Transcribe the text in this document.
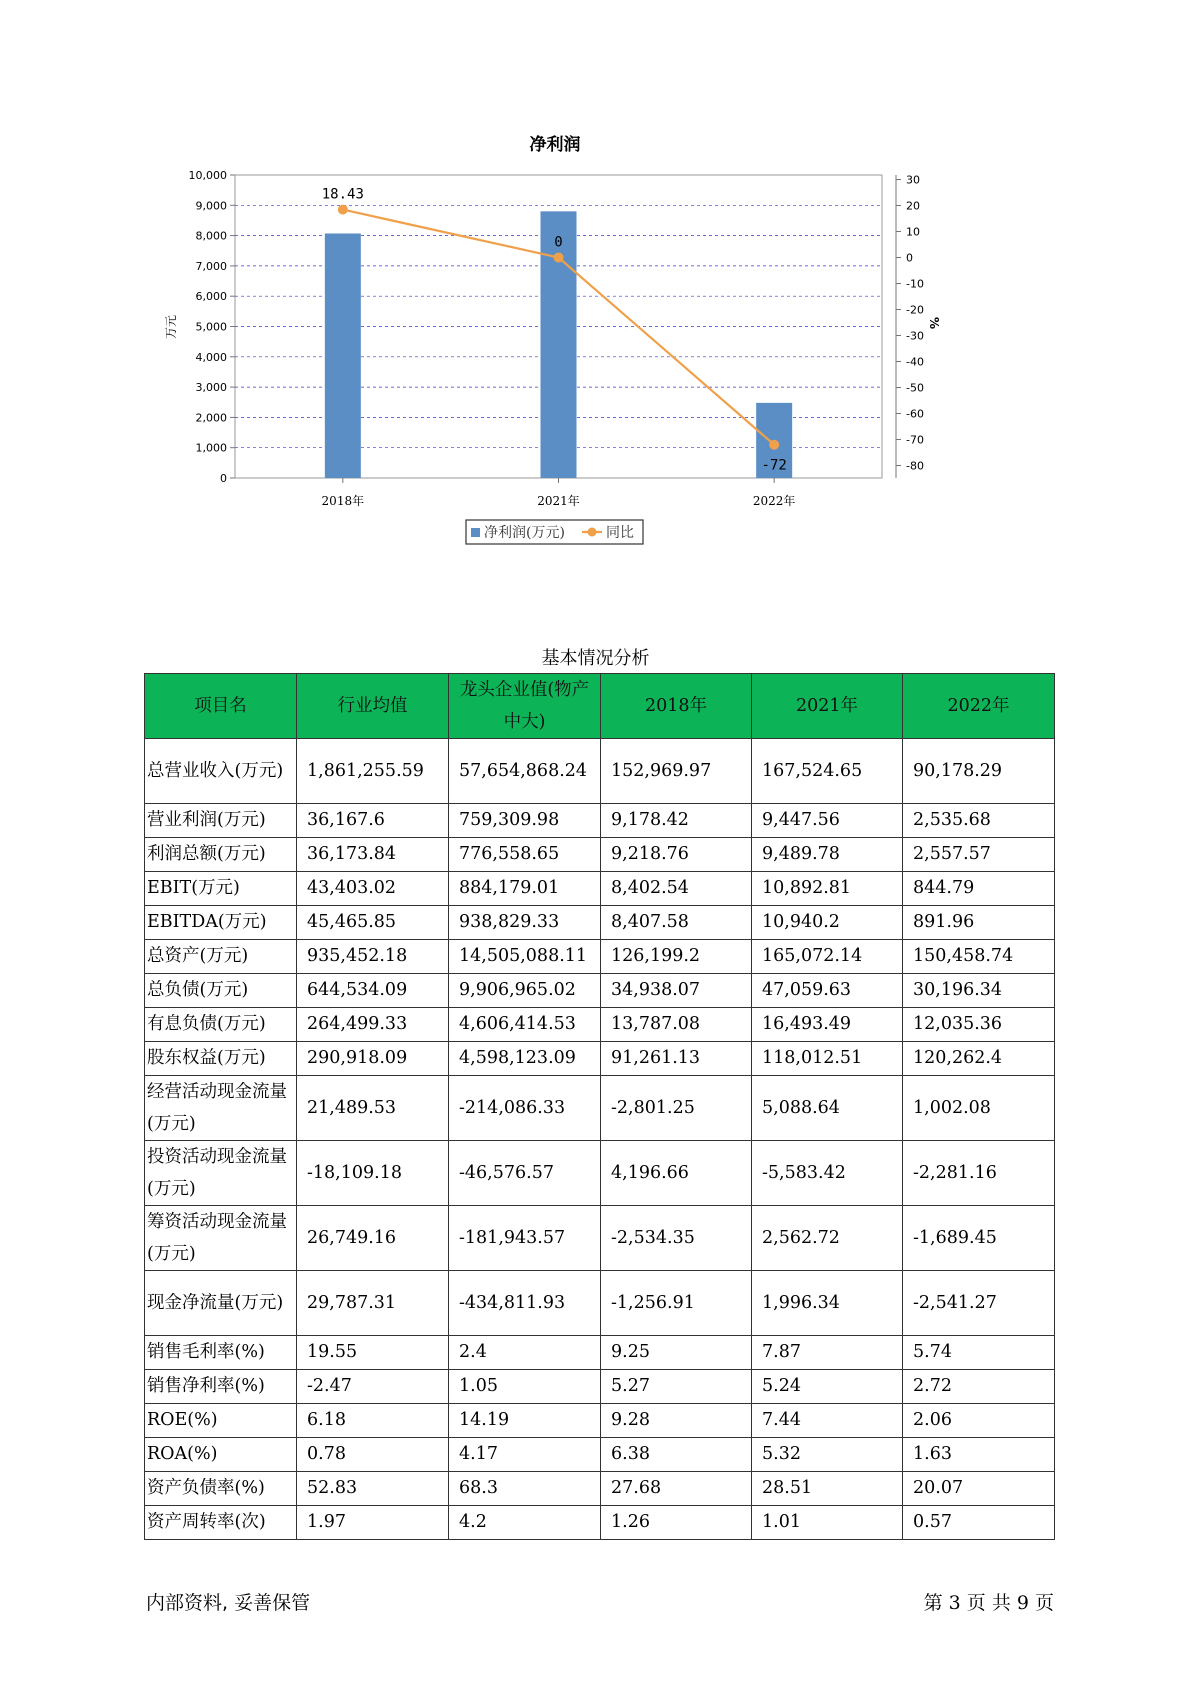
净利润
0
1,000
2,000
3,000
4,000
5,000
6,000
7,000
8,000
9,000
10,000	30
20
10
0
-10
-20
-30
-40
-50
-60
-70
-80
万元	%
2018年	2021年	2022年
18.43
0
-72
净利润(万元)	同比
基本情况分析
项目名	行业均值	龙头企业值(物产中大)	2018年	2021年	2022年
总营业收入(万元)	1,861,255.59	57,654,868.24	152,969.97	167,524.65	90,178.29
营业利润(万元)	36,167.6	759,309.98	9,178.42	9,447.56	2,535.68
利润总额(万元)	36,173.84	776,558.65	9,218.76	9,489.78	2,557.57
EBIT(万元)	43,403.02	884,179.01	8,402.54	10,892.81	844.79
EBITDA(万元)	45,465.85	938,829.33	8,407.58	10,940.2	891.96
总资产(万元)	935,452.18	14,505,088.11	126,199.2	165,072.14	150,458.74
总负债(万元)	644,534.09	9,906,965.02	34,938.07	47,059.63	30,196.34
有息负债(万元)	264,499.33	4,606,414.53	13,787.08	16,493.49	12,035.36
股东权益(万元)	290,918.09	4,598,123.09	91,261.13	118,012.51	120,262.4
经营活动现金流量(万元)	21,489.53	-214,086.33	-2,801.25	5,088.64	1,002.08
投资活动现金流量(万元)	-18,109.18	-46,576.57	4,196.66	-5,583.42	-2,281.16
筹资活动现金流量(万元)	26,749.16	-181,943.57	-2,534.35	2,562.72	-1,689.45
现金净流量(万元)	29,787.31	-434,811.93	-1,256.91	1,996.34	-2,541.27
销售毛利率(%)	19.55	2.4	9.25	7.87	5.74
销售净利率(%)	-2.47	1.05	5.27	5.24	2.72
ROE(%)	6.18	14.19	9.28	7.44	2.06
ROA(%)	0.78	4.17	6.38	5.32	1.63
资产负债率(%)	52.83	68.3	27.68	28.51	20.07
资产周转率(次)	1.97	4.2	1.26	1.01	0.57
内部资料, 妥善保管	第 3 页 共 9 页
